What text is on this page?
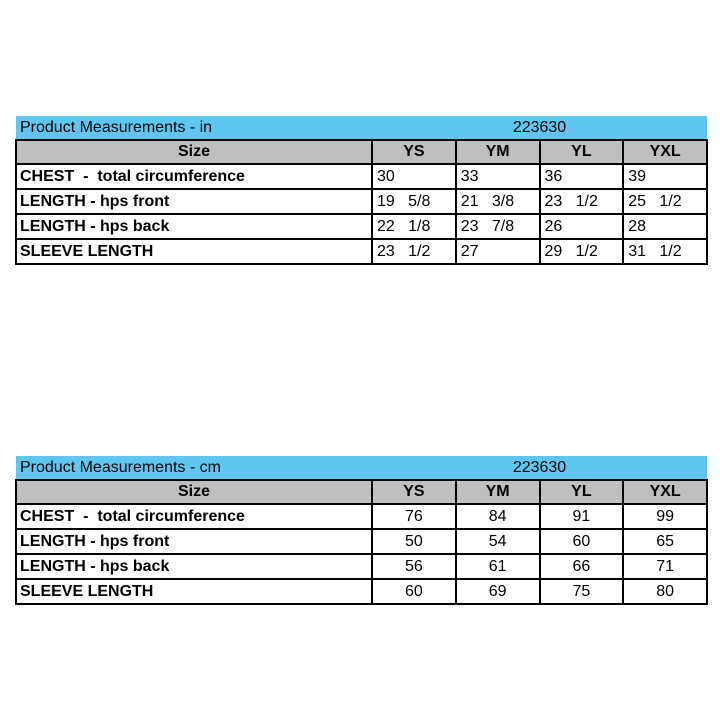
Product Measurements - in	223630			
Size	YS	YM	YL	YXL
CHEST  -  total circumference	30	33	36	39
LENGTH - hps front	19   5/8	21   3/8	23   1/2	25   1/2
LENGTH - hps back	22   1/8	23   7/8	26	28
SLEEVE LENGTH	23   1/2	27	29   1/2	31   1/2
Product Measurements - cm	223630			
Size	YS	YM	YL	YXL
CHEST  -  total circumference	76	84	91	99
LENGTH - hps front	50	54	60	65
LENGTH - hps back	56	61	66	71
SLEEVE LENGTH	60	69	75	80
